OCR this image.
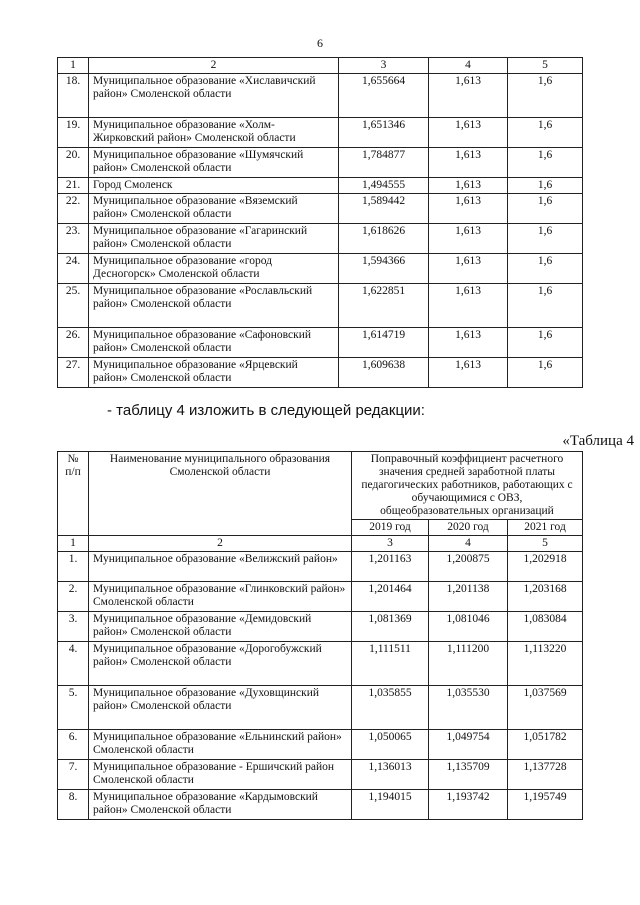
6
1	2	3	4	5
18.	Муниципальное образование «Хиславичский район» Смоленской области	1,655664	1,613	1,6
19.	Муниципальное образование «Холм-Жирковский район» Смоленской области	1,651346	1,613	1,6
20.	Муниципальное образование «Шумячский район» Смоленской области	1,784877	1,613	1,6
21.	Город Смоленск	1,494555	1,613	1,6
22.	Муниципальное образование «Вяземский район» Смоленской области	1,589442	1,613	1,6
23.	Муниципальное образование «Гагаринский район» Смоленской области	1,618626	1,613	1,6
24.	Муниципальное образование «город Десногорск» Смоленской области	1,594366	1,613	1,6
25.	Муниципальное образование «Рославльский район» Смоленской области	1,622851	1,613	1,6
26.	Муниципальное образование «Сафоновский район» Смоленской области	1,614719	1,613	1,6
27.	Муниципальное образование «Ярцевский район» Смоленской области	1,609638	1,613	1,6
- таблицу 4 изложить в следующей редакции:
«Таблица 4
№ п/п	Наименование муниципального образования Смоленской области	Поправочный коэффициент расчетного значения средней заработной платы педагогических работников, работающих с обучающимися с ОВЗ, общеобразовательных организаций		
		2019 год	2020 год	2021 год
1	2	3	4	5
1.	Муниципальное образование «Велижский район»	1,201163	1,200875	1,202918
2.	Муниципальное образование «Глинковский район» Смоленской области	1,201464	1,201138	1,203168
3.	Муниципальное образование «Демидовский район» Смоленской области	1,081369	1,081046	1,083084
4.	Муниципальное образование «Дорогобужский район» Смоленской области	1,111511	1,111200	1,113220
5.	Муниципальное образование «Духовщинский район» Смоленской области	1,035855	1,035530	1,037569
6.	Муниципальное образование «Ельнинский район» Смоленской области	1,050065	1,049754	1,051782
7.	Муниципальное образование - Ершичский район Смоленской области	1,136013	1,135709	1,137728
8.	Муниципальное образование «Кардымовский район» Смоленской области	1,194015	1,193742	1,195749
